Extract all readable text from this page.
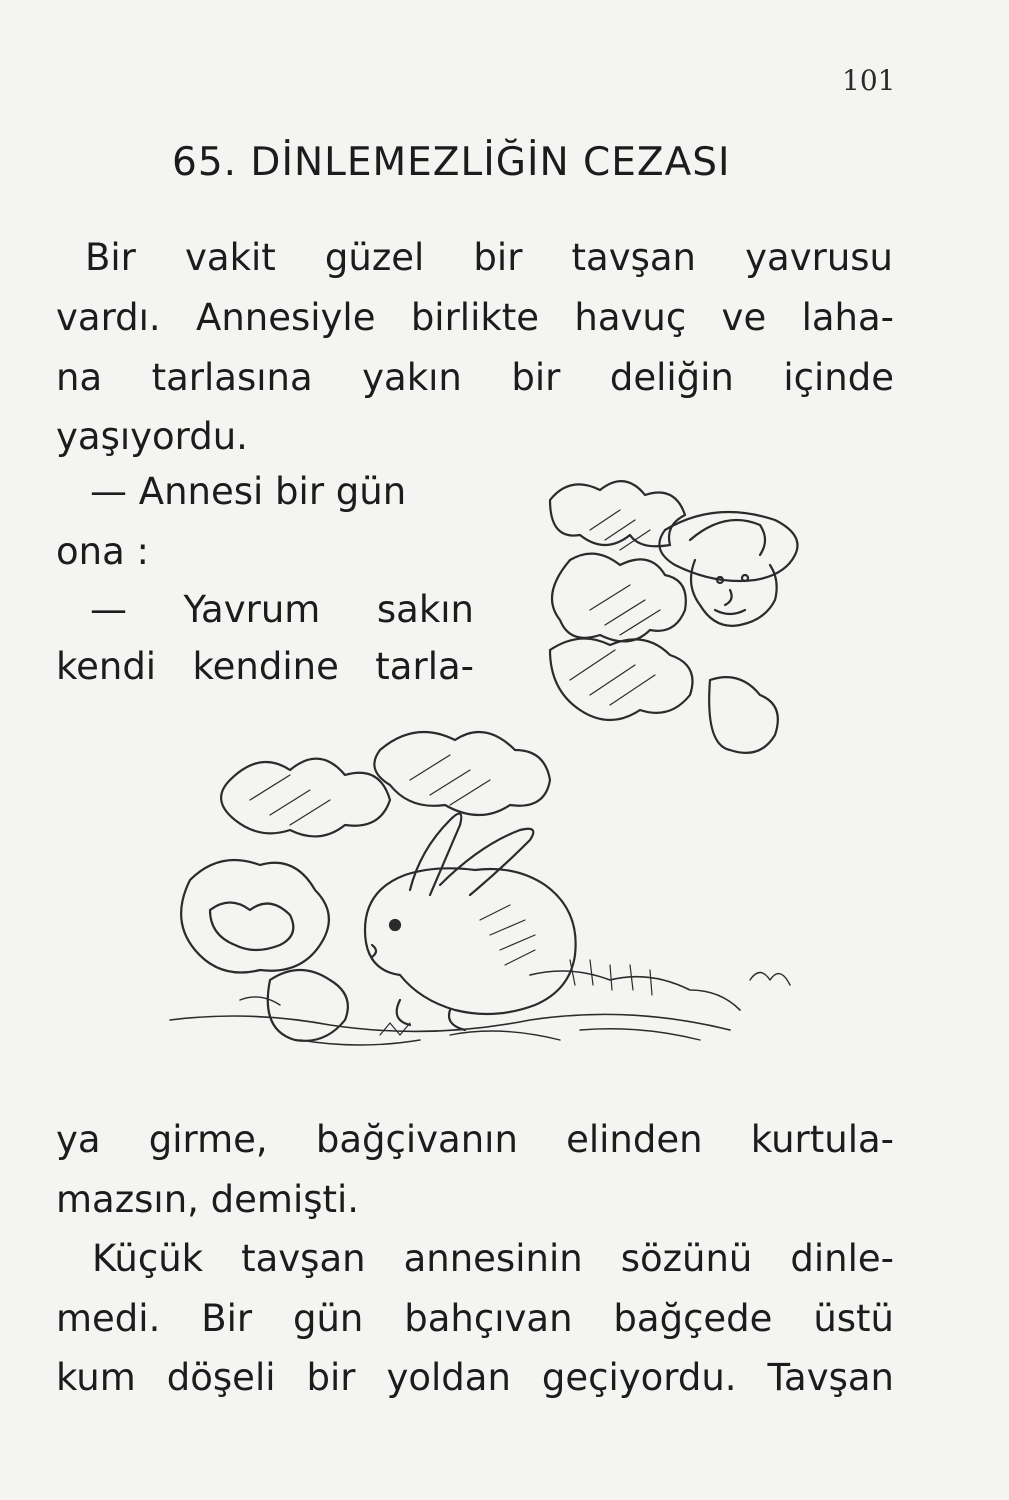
101
65. DİNLEMEZLİĞİN CEZASI
Bir vakit güzel bir tavşan yavrusu
vardı. Annesiyle birlikte havuç ve laha-
na tarlasına yakın bir deliğin içinde
yaşıyordu.
— Annesi bir gün
ona :
— Yavrum sakın
kendi kendine tarla-
ya girme, bağçivanın elinden kurtula-
mazsın, demişti.
Küçük tavşan annesinin sözünü dinle-
medi. Bir gün bahçıvan bağçede üstü
kum döşeli bir yoldan geçiyordu. Tavşan
